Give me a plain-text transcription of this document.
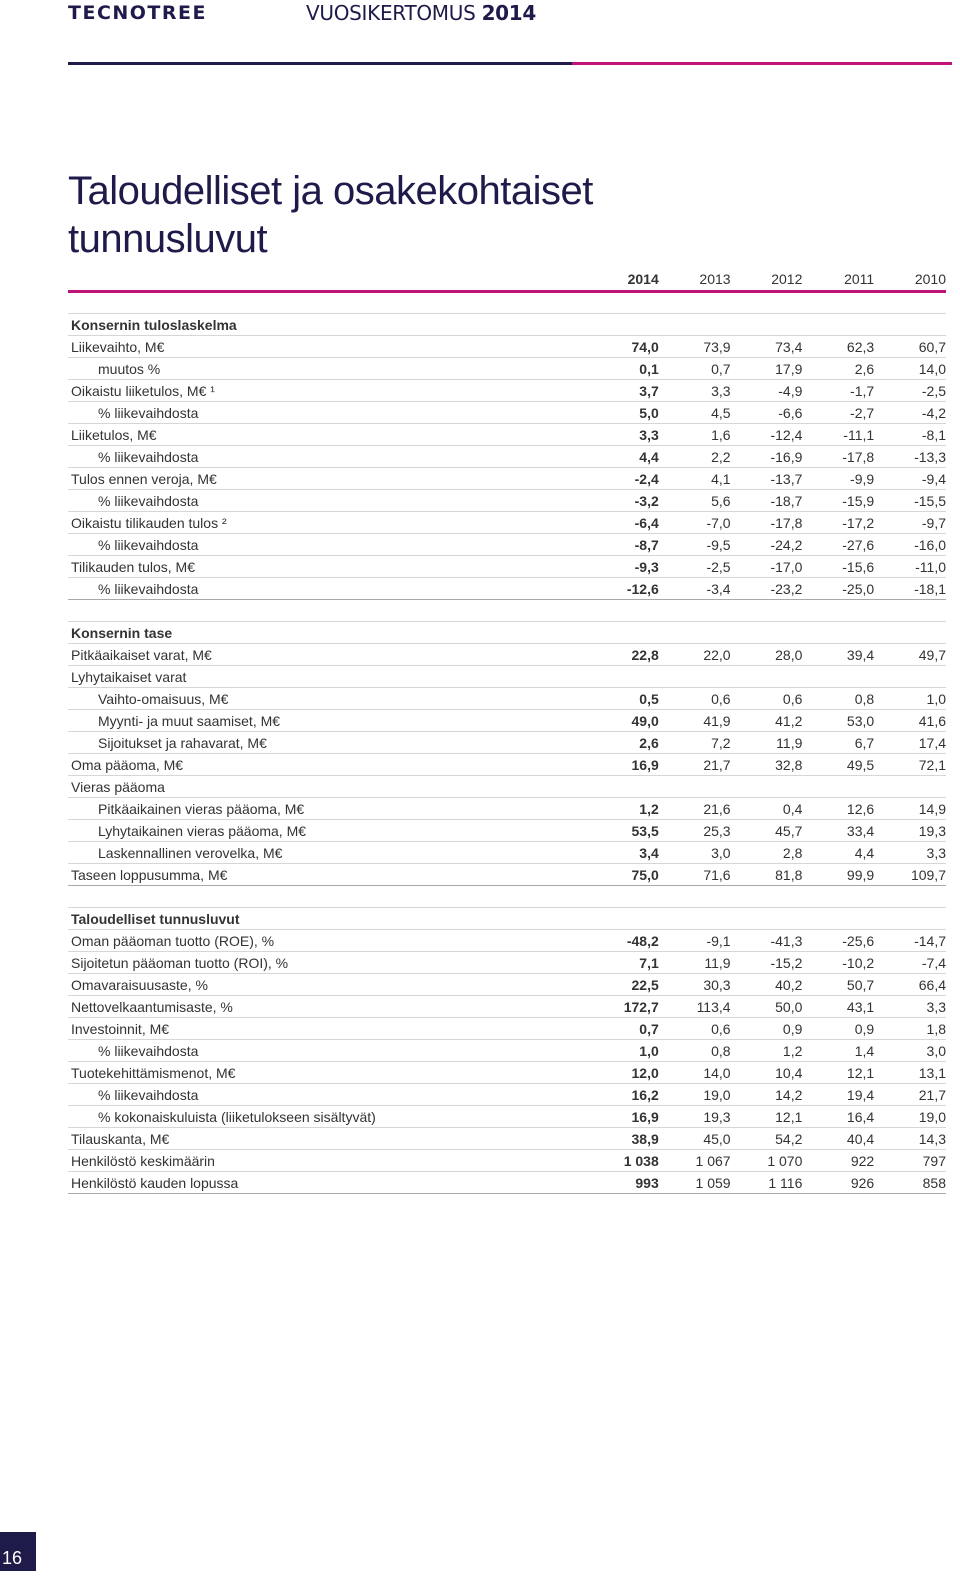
TECNOTREE	VUOSIKERTOMUS 2014
Taloudelliset ja osakekohtaiset tunnusluvut
	2014	2013	2012	2011	2010

Konsernin tuloslaskelma					
Liikevaihto, M€	74,0	73,9	73,4	62,3	60,7
muutos %	0,1	0,7	17,9	2,6	14,0
Oikaistu liiketulos, M€ ¹	3,7	3,3	-4,9	-1,7	-2,5
% liikevaihdosta	5,0	4,5	-6,6	-2,7	-4,2
Liiketulos, M€	3,3	1,6	-12,4	-11,1	-8,1
% liikevaihdosta	4,4	2,2	-16,9	-17,8	-13,3
Tulos ennen veroja, M€	-2,4	4,1	-13,7	-9,9	-9,4
% liikevaihdosta	-3,2	5,6	-18,7	-15,9	-15,5
Oikaistu tilikauden tulos ²	-6,4	-7,0	-17,8	-17,2	-9,7
% liikevaihdosta	-8,7	-9,5	-24,2	-27,6	-16,0
Tilikauden tulos, M€	-9,3	-2,5	-17,0	-15,6	-11,0
% liikevaihdosta	-12,6	-3,4	-23,2	-25,0	-18,1

Konsernin tase					
Pitkäaikaiset varat, M€	22,8	22,0	28,0	39,4	49,7
Lyhytaikaiset varat					
Vaihto-omaisuus, M€	0,5	0,6	0,6	0,8	1,0
Myynti- ja muut saamiset, M€	49,0	41,9	41,2	53,0	41,6
Sijoitukset ja rahavarat, M€	2,6	7,2	11,9	6,7	17,4
Oma pääoma, M€	16,9	21,7	32,8	49,5	72,1
Vieras pääoma					
Pitkäaikainen vieras pääoma, M€	1,2	21,6	0,4	12,6	14,9
Lyhytaikainen vieras pääoma, M€	53,5	25,3	45,7	33,4	19,3
Laskennallinen verovelka, M€	3,4	3,0	2,8	4,4	3,3
Taseen loppusumma, M€	75,0	71,6	81,8	99,9	109,7

Taloudelliset tunnusluvut					
Oman pääoman tuotto (ROE), %	-48,2	-9,1	-41,3	-25,6	-14,7
Sijoitetun pääoman tuotto (ROI), %	7,1	11,9	-15,2	-10,2	-7,4
Omavaraisuusaste, %	22,5	30,3	40,2	50,7	66,4
Nettovelkaantumisaste, %	172,7	113,4	50,0	43,1	3,3
Investoinnit, M€	0,7	0,6	0,9	0,9	1,8
% liikevaihdosta	1,0	0,8	1,2	1,4	3,0
Tuotekehittämismenot, M€	12,0	14,0	10,4	12,1	13,1
% liikevaihdosta	16,2	19,0	14,2	19,4	21,7
% kokonaiskuluista (liiketulokseen sisältyvät)	16,9	19,3	12,1	16,4	19,0
Tilauskanta, M€	38,9	45,0	54,2	40,4	14,3
Henkilöstö keskimäärin	1 038	1 067	1 070	922	797
Henkilöstö kauden lopussa	993	1 059	1 116	926	858
16
